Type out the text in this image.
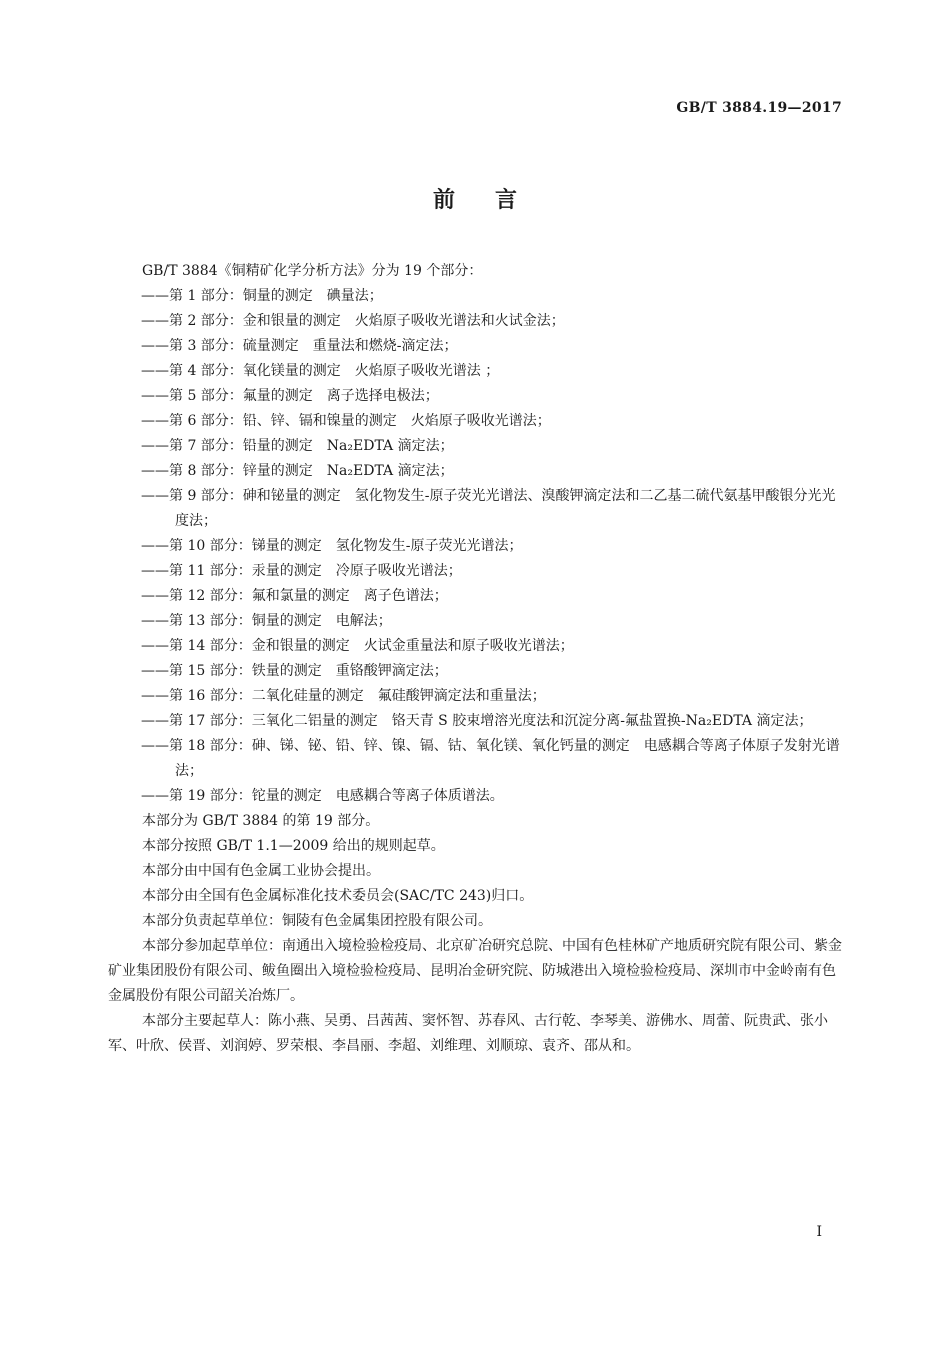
GB/T 3884.19—2017
前言

GB/T 3884《铜精矿化学分析方法》分为 19 个部分：

——第 1 部分：铜量的测定　碘量法；

——第 2 部分：金和银量的测定　火焰原子吸收光谱法和火试金法；

——第 3 部分：硫量测定　重量法和燃烧-滴定法；

——第 4 部分：氧化镁量的测定　火焰原子吸收光谱法 ；

——第 5 部分：氟量的测定　离子选择电极法；

——第 6 部分：铅、锌、镉和镍量的测定　火焰原子吸收光谱法；

——第 7 部分：铅量的测定　Na₂EDTA 滴定法；

——第 8 部分：锌量的测定　Na₂EDTA 滴定法；

——第 9 部分：砷和铋量的测定　氢化物发生-原子荧光光谱法、溴酸钾滴定法和二乙基二硫代氨基甲酸银分光光度法；

——第 10 部分：锑量的测定　氢化物发生-原子荧光光谱法；

——第 11 部分：汞量的测定　冷原子吸收光谱法；

——第 12 部分：氟和氯量的测定　离子色谱法；

——第 13 部分：铜量的测定　电解法；

——第 14 部分：金和银量的测定　火试金重量法和原子吸收光谱法；

——第 15 部分：铁量的测定　重铬酸钾滴定法；

——第 16 部分：二氧化硅量的测定　氟硅酸钾滴定法和重量法；

——第 17 部分：三氧化二铝量的测定　铬天青 S 胶束增溶光度法和沉淀分离-氟盐置换-Na₂EDTA 滴定法；

——第 18 部分：砷、锑、铋、铅、锌、镍、镉、钴、氧化镁、氧化钙量的测定　电感耦合等离子体原子发射光谱法；

——第 19 部分：铊量的测定　电感耦合等离子体质谱法。

本部分为 GB/T 3884 的第 19 部分。

本部分按照 GB/T 1.1—2009 给出的规则起草。

本部分由中国有色金属工业协会提出。

本部分由全国有色金属标准化技术委员会(SAC/TC 243)归口。

本部分负责起草单位：铜陵有色金属集团控股有限公司。

本部分参加起草单位：南通出入境检验检疫局、北京矿冶研究总院、中国有色桂林矿产地质研究院有限公司、紫金矿业集团股份有限公司、鲅鱼圈出入境检验检疫局、昆明冶金研究院、防城港出入境检验检疫局、深圳市中金岭南有色金属股份有限公司韶关冶炼厂。

本部分主要起草人：陈小燕、吴勇、吕茜茜、窦怀智、苏春风、古行乾、李琴美、游佛水、周蕾、阮贵武、张小军、叶欣、侯晋、刘润婷、罗荣根、李昌丽、李超、刘维理、刘顺琼、袁齐、邵从和。

I
